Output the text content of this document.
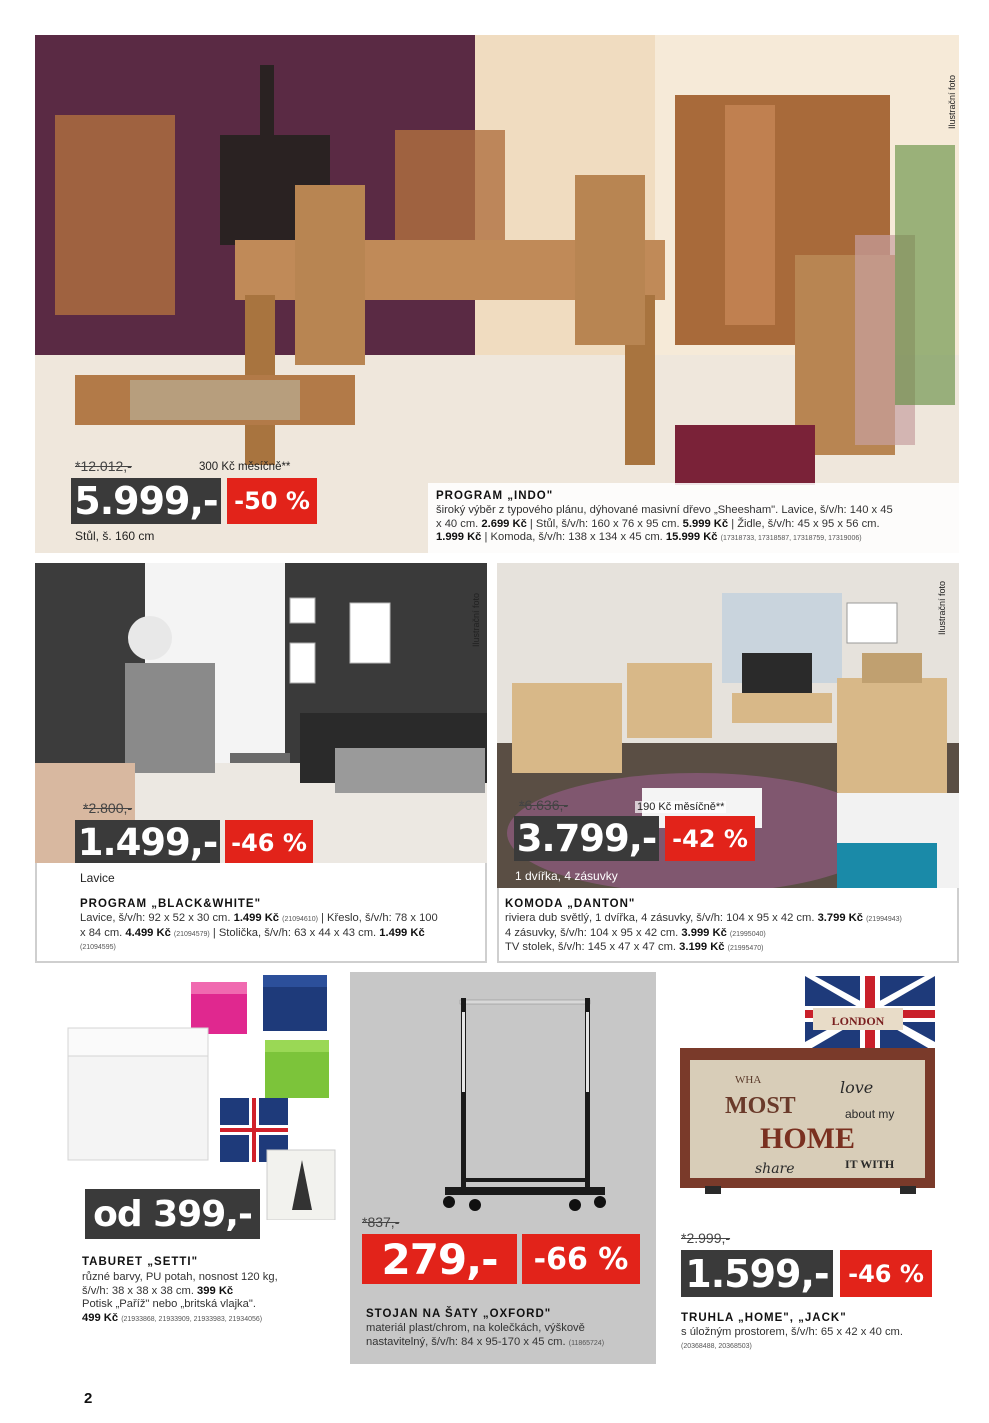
Ilustrační foto
*12.012,-	300 Kč měsíčně**
5.999,- -50 %
Stůl, š. 160 cm
PROGRAM „INDO"
široký výběr z typového plánu, dýhované masivní dřevo „Sheesham". Lavice, š/v/h: 140 x 45
x 40 cm. 2.699 Kč | Stůl, š/v/h: 160 x 76 x 95 cm. 5.999 Kč | Židle, š/v/h: 45 x 95 x 56 cm.
1.999 Kč | Komoda, š/v/h: 138 x 134 x 45 cm. 15.999 Kč (17318733, 17318587, 17318759, 17319006)
Ilustrační foto
*2.800,-
1.499,- -46 %
Lavice
PROGRAM „BLACK&WHITE"
Lavice, š/v/h: 92 x 52 x 30 cm. 1.499 Kč (21094610) | Křeslo, š/v/h: 78 x 100
x 84 cm. 4.499 Kč (21094579) | Stolička, š/v/h: 63 x 44 x 43 cm. 1.499 Kč
(21094595)
Ilustrační foto
*6.636,-	190 Kč měsíčně**
3.799,- -42 %
1 dvířka, 4 zásuvky
KOMODA „DANTON"
riviera dub světlý, 1 dvířka, 4 zásuvky, š/v/h: 104 x 95 x 42 cm. 3.799 Kč (21994943)
4 zásuvky, š/v/h: 104 x 95 x 42 cm. 3.999 Kč (21995040)
TV stolek, š/v/h: 145 x 47 x 47 cm. 3.199 Kč (21995470)
od 399,-
TABURET „SETTI"
různé barvy, PU potah, nosnost 120 kg,
š/v/h: 38 x 38 x 38 cm. 399 Kč
Potisk „Paříž" nebo „britská vlajka".
499 Kč (21933868, 21933909, 21933983, 21934056)
*837,-
279,-	-66 %
STOJAN NA ŠATY „OXFORD"
materiál plast/chrom, na kolečkách, výškově
nastavitelný, š/v/h: 84 x 95-170 x 45 cm. (11865724)
LONDON
MOST
HOME
love
about my
share	IT WITH
WHA
*2.999,-
1.599,- -46 %
TRUHLA „HOME", „JACK"
s úložným prostorem, š/v/h: 65 x 42 x 40 cm.
(20368488, 20368503)
2
